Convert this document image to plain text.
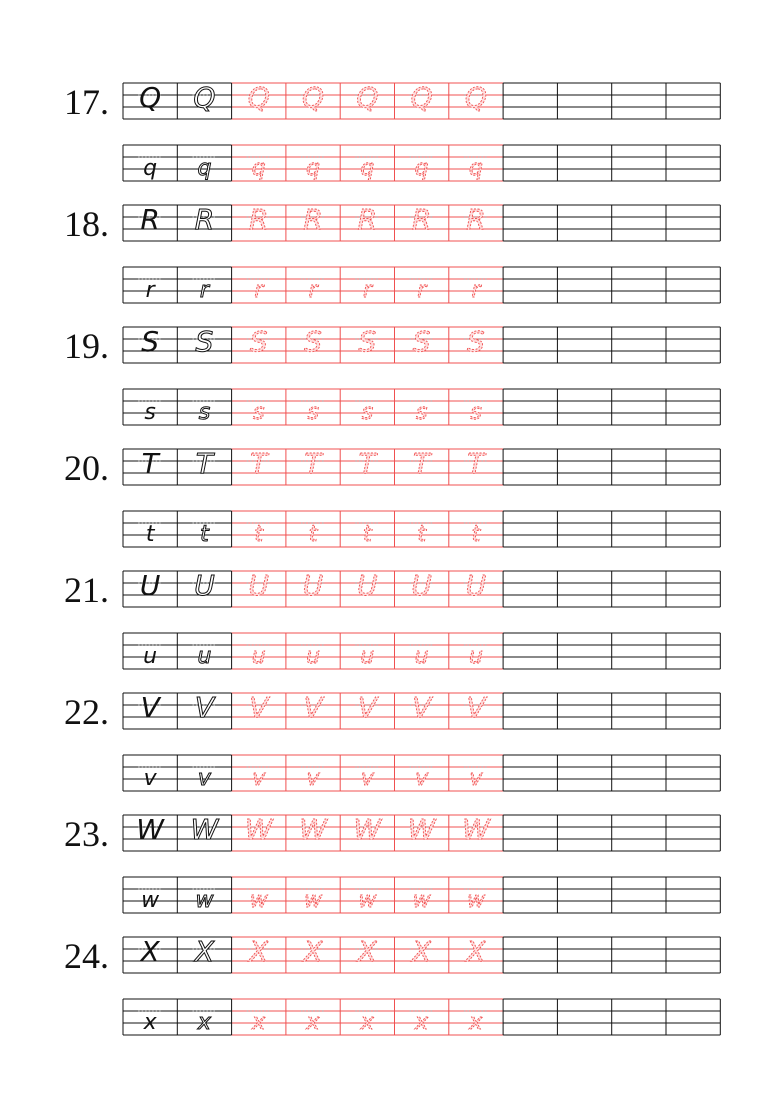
17. Q Q Q Q Q Q Q
q q q q q q q
18. R R R R R R R
r r r r r r r
19. S S S S S S S
s s s s s s s
20. T T T T T T T
t t t t t t t
21. U U U U U U U
u u u u u u u
22. V V V V V V V
v v v v v v v
23. W W W W W W W
w w w w w w w
24. X X X X X X X
x x x x x x x
